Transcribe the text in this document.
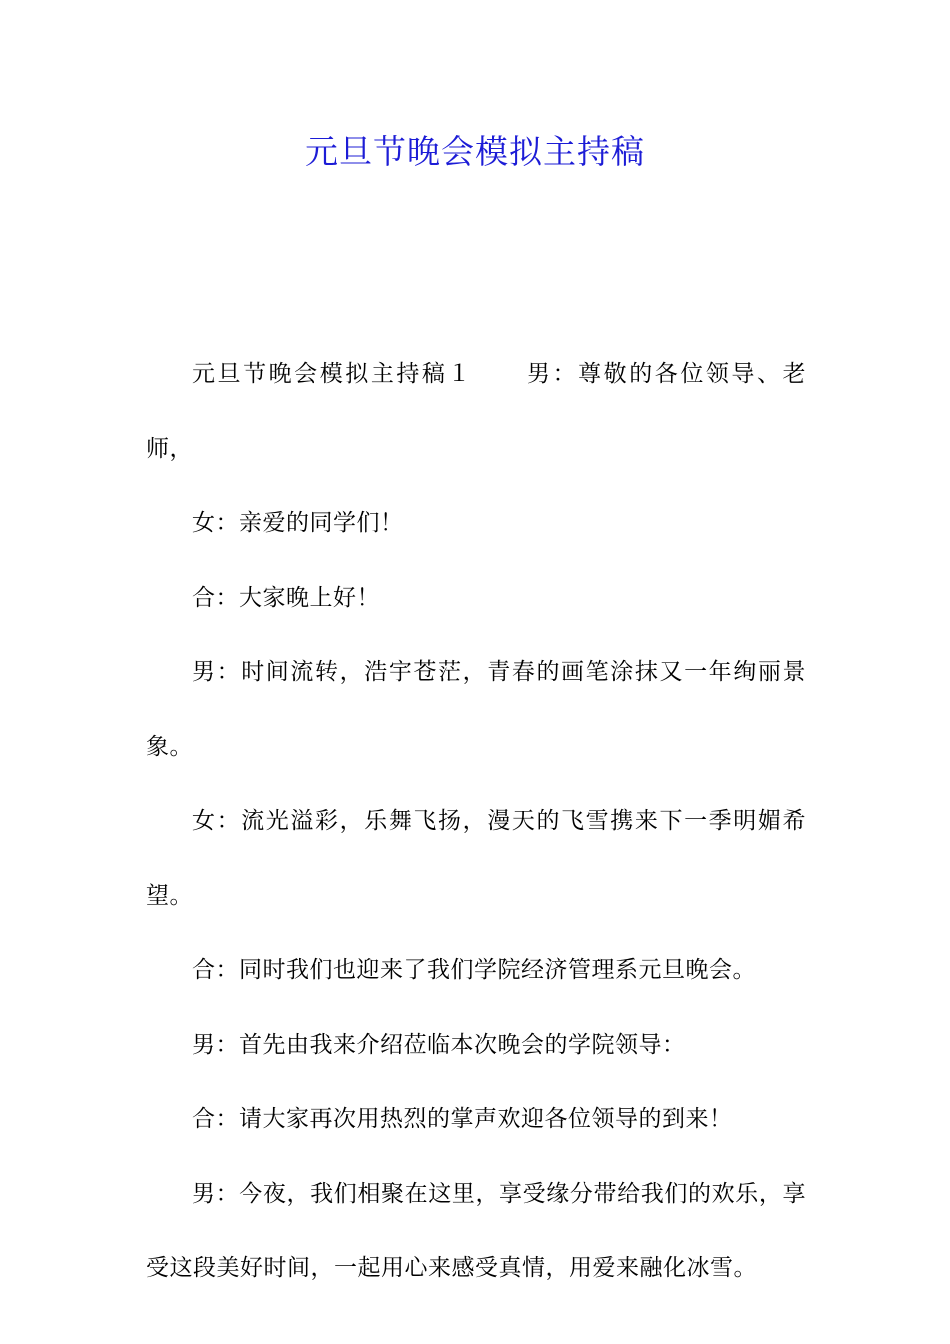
元旦节晚会模拟主持稿

元旦节晚会模拟主持稿１ 男：尊敬的各位领导、老师，

女：亲爱的同学们！

合：大家晚上好！

男：时间流转，浩宇苍茫，青春的画笔涂抹又一年绚丽景象。

女：流光溢彩，乐舞飞扬，漫天的飞雪携来下一季明媚希望。

合：同时我们也迎来了我们学院经济管理系元旦晚会。

男：首先由我来介绍莅临本次晚会的学院领导：

合：请大家再次用热烈的掌声欢迎各位领导的到来！

男：今夜，我们相聚在这里，享受缘分带给我们的欢乐，享受这段美好时间，一起用心来感受真情，用爱来融化冰雪。
